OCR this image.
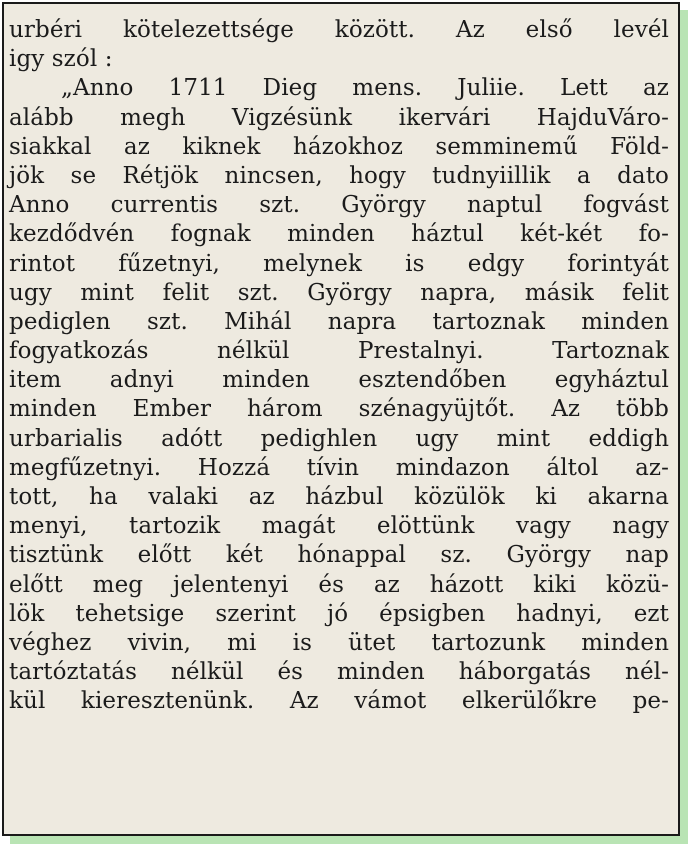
urbéri kötelezettsége között. Az első levél
igy szól :
„Anno 1711 Dieg mens. Juliie. Lett az
alább megh Vigzésünk ikervári HajduVáro-
siakkal az kiknek házokhoz semminemű Föld-
jök se Rétjök nincsen, hogy tudnyiillik a dato
Anno currentis szt. György naptul fogvást
kezdődvén fognak minden háztul két-két fo-
rintot fűzetnyi, melynek is edgy forintyát
ugy mint felit szt. György napra, másik felit
pediglen szt. Mihál napra tartoznak minden
fogyatkozás nélkül Prestalnyi. Tartoznak
item adnyi minden esztendőben egyháztul
minden Ember három szénagyüjtőt. Az több
urbarialis adótt pedighlen ugy mint eddigh
megfűzetnyi. Hozzá tívin mindazon áltol az-
tott, ha valaki az házbul közülök ki akarna
menyi, tartozik magát elöttünk vagy nagy
tisztünk előtt két hónappal sz. György nap
előtt meg jelentenyi és az házott kiki közü-
lök tehetsige szerint jó épsigben hadnyi, ezt
véghez vivin, mi is ütet tartozunk minden
tartóztatás nélkül és minden háborgatás nél-
kül kieresztenünk. Az vámot elkerülőkre pe-
